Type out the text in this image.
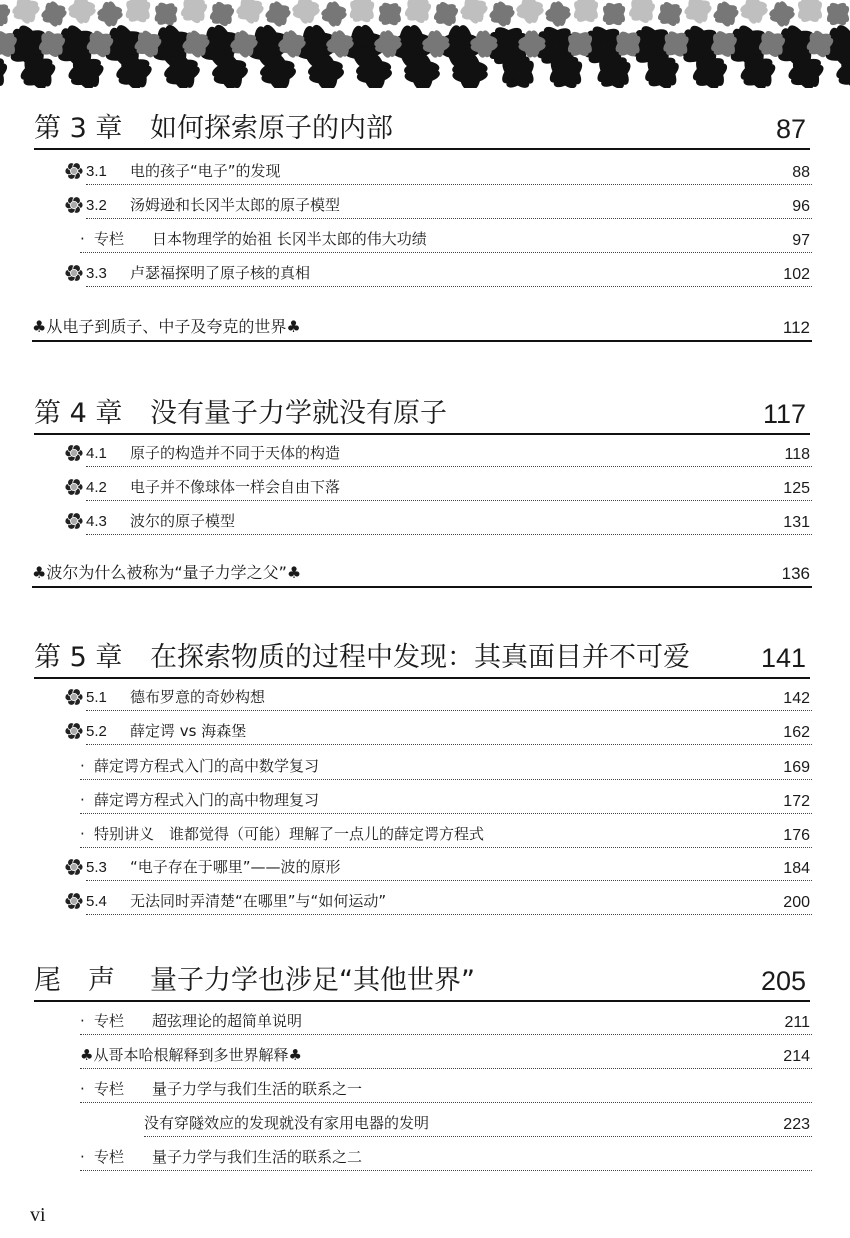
第 3 章 如何探索原子的内部	87
3.1 电的孩子“电子”的发现	88
3.2 汤姆逊和长冈半太郎的原子模型	96
· 专栏 日本物理学的始祖 长冈半太郎的伟大功绩	97
3.3 卢瑟福探明了原子核的真相	102
♣从电子到质子、中子及夸克的世界♣	112
第 4 章 没有量子力学就没有原子	117
4.1 原子的构造并不同于天体的构造	118
4.2 电子并不像球体一样会自由下落	125
4.3 波尔的原子模型	131
♣波尔为什么被称为“量子力学之父”♣	136
第 5 章 在探索物质的过程中发现：其真面目并不可爱	141
5.1 德布罗意的奇妙构想	142
5.2 薛定谔 vs 海森堡	162
· 薛定谔方程式入门的高中数学复习	169
· 薛定谔方程式入门的高中物理复习	172
· 特别讲义　谁都觉得（可能）理解了一点儿的薛定谔方程式	176
5.3 “电子存在于哪里”——波的原形	184
5.4 无法同时弄清楚“在哪里”与“如何运动”	200
尾　声 量子力学也涉足“其他世界”	205
· 专栏 超弦理论的超简单说明	211
♣从哥本哈根解释到多世界解释♣	214
· 专栏 量子力学与我们生活的联系之一
没有穿隧效应的发现就没有家用电器的发明	223
· 专栏 量子力学与我们生活的联系之二
vi
